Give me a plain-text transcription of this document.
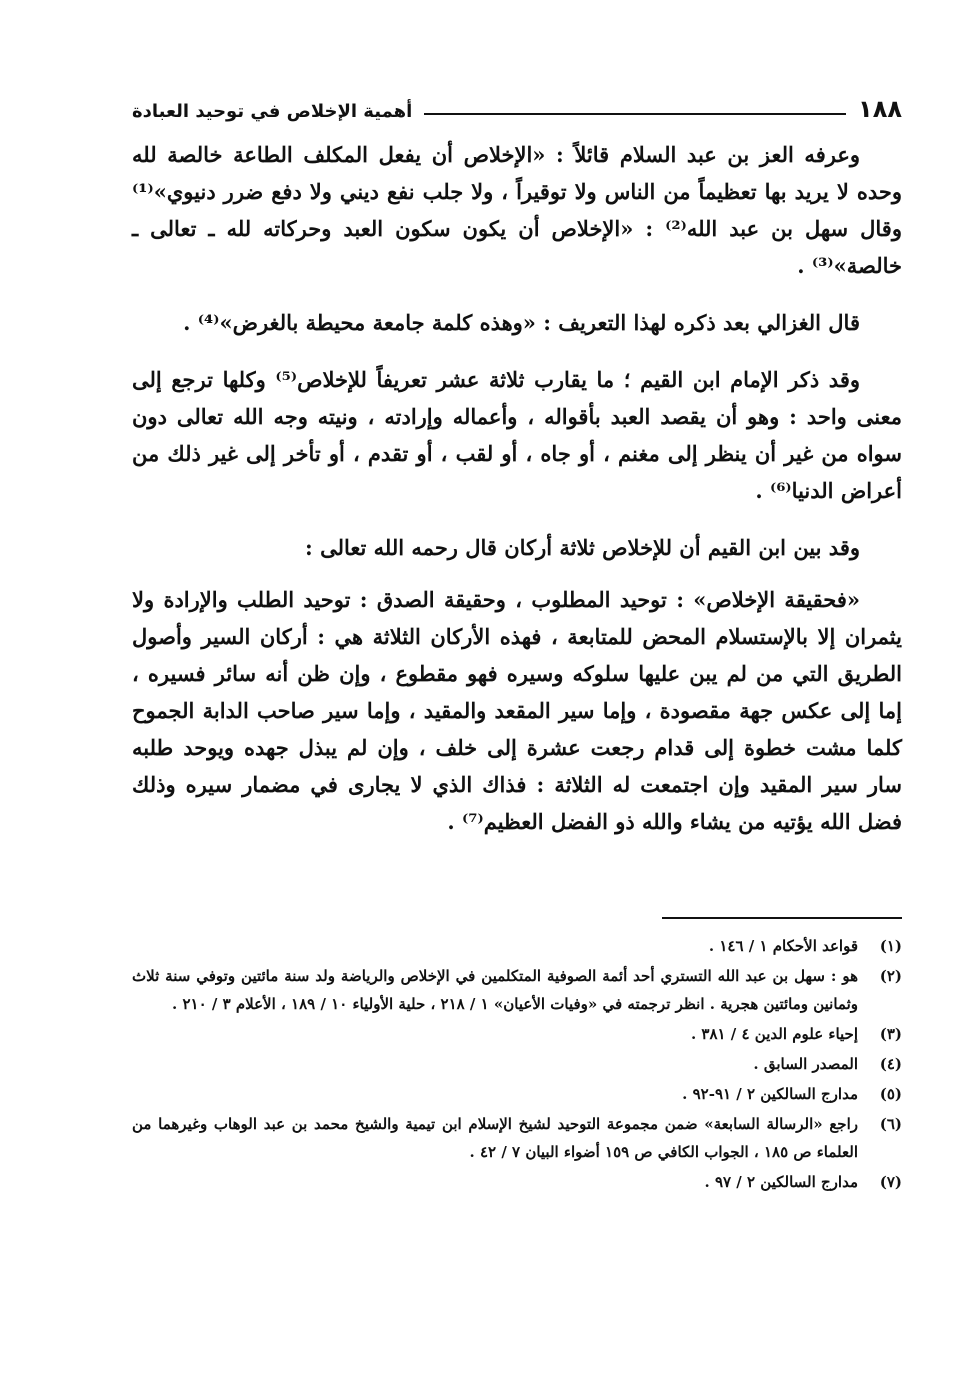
١٨٨
أهمية الإخلاص في توحيد العبادة

وعرفه العز بن عبد السلام قائلاً : «الإخلاص أن يفعل المكلف الطاعة خالصة لله وحده لا يريد بها تعظيماً من الناس ولا توقيراً ، ولا جلب نفع ديني ولا دفع ضرر دنيوي»⁽¹⁾ وقال سهل بن عبد الله⁽²⁾ : «الإخلاص أن يكون سكون العبد وحركاته لله ـ تعالى ـ خالصة»⁽³⁾ .

قال الغزالي بعد ذكره لهذا التعريف : «وهذه كلمة جامعة محيطة بالغرض»⁽⁴⁾ .

وقد ذكر الإمام ابن القيم ؛ ما يقارب ثلاثة عشر تعريفاً للإخلاص⁽⁵⁾ وكلها ترجع إلى معنى واحد : وهو أن يقصد العبد بأقواله ، وأعماله وإرادته ، ونيته وجه الله تعالى دون سواه من غير أن ينظر إلى مغنم ، أو جاه ، أو لقب ، أو تقدم ، أو تأخر إلى غير ذلك من أعراض الدنيا⁽⁶⁾ .

وقد بين ابن القيم أن للإخلاص ثلاثة أركان قال رحمه الله تعالى :

«فحقيقة الإخلاص» : توحيد المطلوب ، وحقيقة الصدق : توحيد الطلب والإرادة ولا يثمران إلا بالإستسلام المحض للمتابعة ، فهذه الأركان الثلاثة هي : أركان السير وأصول الطريق التي من لم يبن عليها سلوكه وسيره فهو مقطوع ، وإن ظن أنه سائر فسيره ، إما إلى عكس جهة مقصودة ، وإما سير المقعد والمقيد ، وإما سير صاحب الدابة الجموح كلما مشت خطوة إلى قدام رجعت عشرة إلى خلف ، وإن لم يبذل جهده ويوحد طلبه سار سير المقيد وإن اجتمعت له الثلاثة : فذاك الذي لا يجارى في مضمار سيره وذلك فضل الله يؤتيه من يشاء والله ذو الفضل العظيم⁽⁷⁾ .

(١)
قواعد الأحكام ١ / ١٤٦ .
(٢)
هو : سهل بن عبد الله التستري أحد أئمة الصوفية المتكلمين في الإخلاص والرياضة ولد سنة مائتين وتوفي سنة ثلاث وثمانين ومائتين هجرية . انظر ترجمته في «وفيات الأعيان» ١ / ٢١٨ ، حلية الأولياء ١٠ / ١٨٩ ، الأعلام ٣ / ٢١٠ .
(٣)
إحياء علوم الدين ٤ / ٣٨١ .
(٤)
المصدر السابق .
(٥)
مدارج السالكين ٢ / ٩١-٩٢ .
(٦)
راجع «الرسالة السابعة» ضمن مجموعة التوحيد لشيخ الإسلام ابن تيمية والشيخ محمد بن عبد الوهاب وغيرهما من العلماء ص ١٨٥ ، الجواب الكافي ص ١٥٩ أضواء البيان ٧ / ٤٢ .
(٧)
مدارج السالكين ٢ / ٩٧ .
